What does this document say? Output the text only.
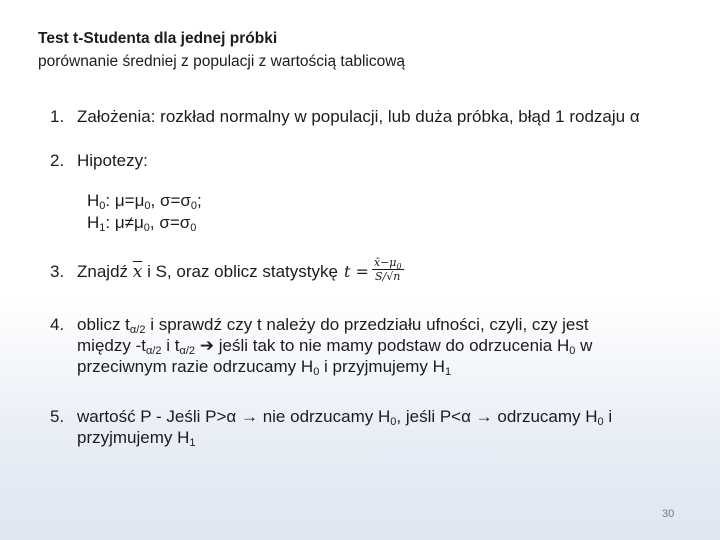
Test t-Studenta dla jednej próbki
porównanie średniej z populacji z wartością tablicową
1. Założenia: rozkład normalny w populacji, lub duża próbka, błąd 1 rodzaju α
2. Hipotezy:
$H_0$: $\mu=\mu_0$, $\sigma=\sigma_0$;
$H_1$: $\mu\ne\mu_0$, $\sigma=\sigma_0$
3. Znajdź $\overline{x}$ i S, oraz oblicz statystykę $t = \frac{x̄-\mu_0}{S/√n}$
4. oblicz $t_{\alpha/2}$ i sprawdź czy t należy do przedziału ufności, czyli, czy jest
między $-t_{\alpha/2}$ i $t_{\alpha/2}$ ➔ jeśli tak to nie mamy podstaw do odrzucenia $H_0$ w
przeciwnym razie odrzucamy $H_0$ i przyjmujemy $H_1$
5. wartość P - Jeśli P>α → nie odrzucamy $H_0$, jeśli P<α → odrzucamy $H_0$ i
przyjmujemy $H_1$
30
